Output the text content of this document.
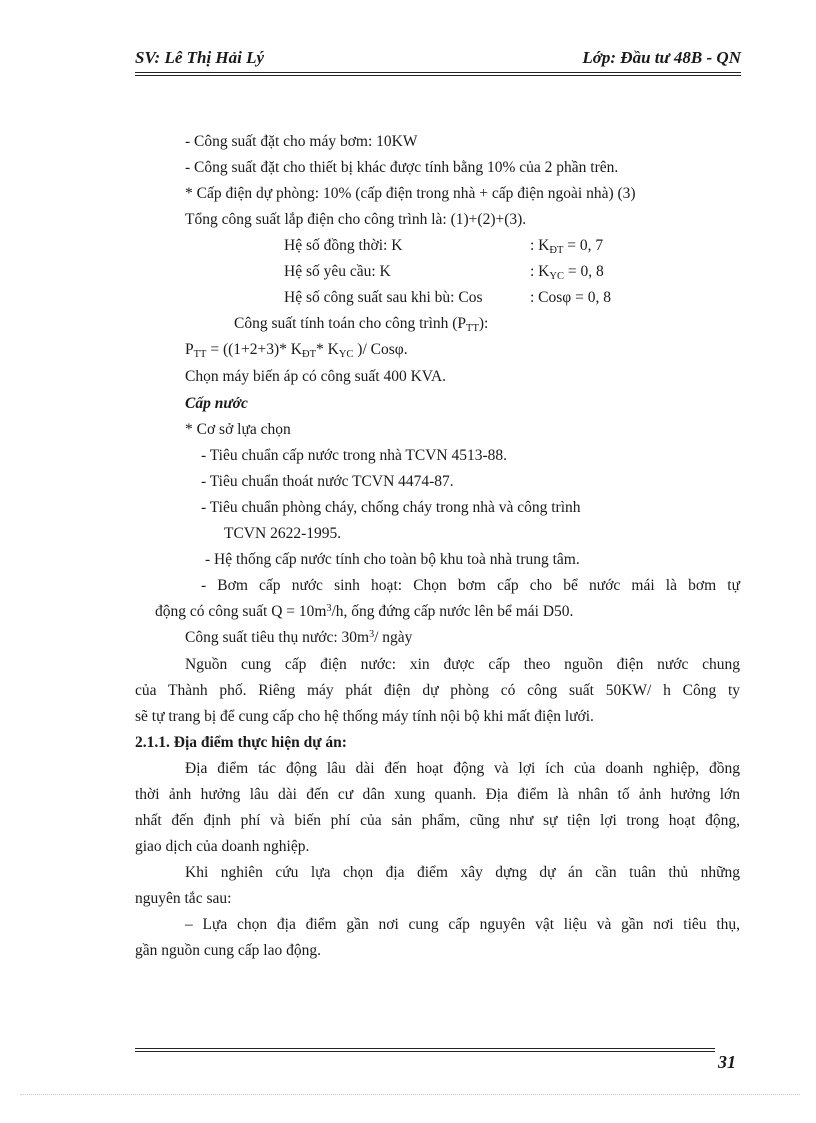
SV: Lê Thị Hải Lý	Lớp: Đầu tư 48B - QN
- Công suất đặt cho máy bơm: 10KW
- Công suất đặt cho thiết bị khác được tính bằng 10% của 2 phần trên.
* Cấp điện dự phòng: 10% (cấp điện trong nhà + cấp điện ngoài nhà) (3)
Tổng công suất lắp điện cho công trình là: (1)+(2)+(3).
Hệ số đồng thời: K	: $K_{ĐT} = 0$, 7
Hệ số yêu cầu: K	: $K_{YC} = 0$, 8
Hệ số công suất sau khi bù: Cos	: Cosφ = 0, 8
Công suất tính toán cho công trình $(P_{TT})$:
$P_{TT} = ((1+2+3)*$ $K_{ĐT}*$ $K_{YC}$ )/ Cosφ.
Chọn máy biến áp có công suất 400 KVA.
Cấp nước
* Cơ sở lựa chọn
- Tiêu chuẩn cấp nước trong nhà TCVN 4513-88.
- Tiêu chuẩn thoát nước TCVN 4474-87.
- Tiêu chuẩn phòng cháy, chống cháy trong nhà và công trình
TCVN 2622-1995.
- Hệ thống cấp nước tính cho toàn bộ khu toà nhà trung tâm.
- Bơm cấp nước sinh hoạt: Chọn bơm cấp cho bể nước mái là bơm tự
động có công suất $Q = 10m^3/h$, ống đứng cấp nước lên bể mái D50.
Công suất tiêu thụ nước: $30m^3/$ ngày
Nguồn cung cấp điện nước: xin được cấp theo nguồn điện nước chung
của Thành phố. Riêng máy phát điện dự phòng có công suất 50KW/ h Công ty
sẽ tự trang bị để cung cấp cho hệ thống máy tính nội bộ khi mất điện lưới.
2.1.1. Địa điểm thực hiện dự án:
Địa điểm tác động lâu dài đến hoạt động và lợi ích của doanh nghiệp, đồng
thời ảnh hưởng lâu dài đến cư dân xung quanh. Địa điểm là nhân tố ảnh hưởng lớn
nhất đến định phí và biến phí của sản phẩm, cũng như sự tiện lợi trong hoạt động,
giao dịch của doanh nghiệp.
Khi nghiên cứu lựa chọn địa điểm xây dựng dự án cần tuân thủ những
nguyên tắc sau:
– Lựa chọn địa điểm gần nơi cung cấp nguyên vật liệu và gần nơi tiêu thụ,
gần nguồn cung cấp lao động.
31
